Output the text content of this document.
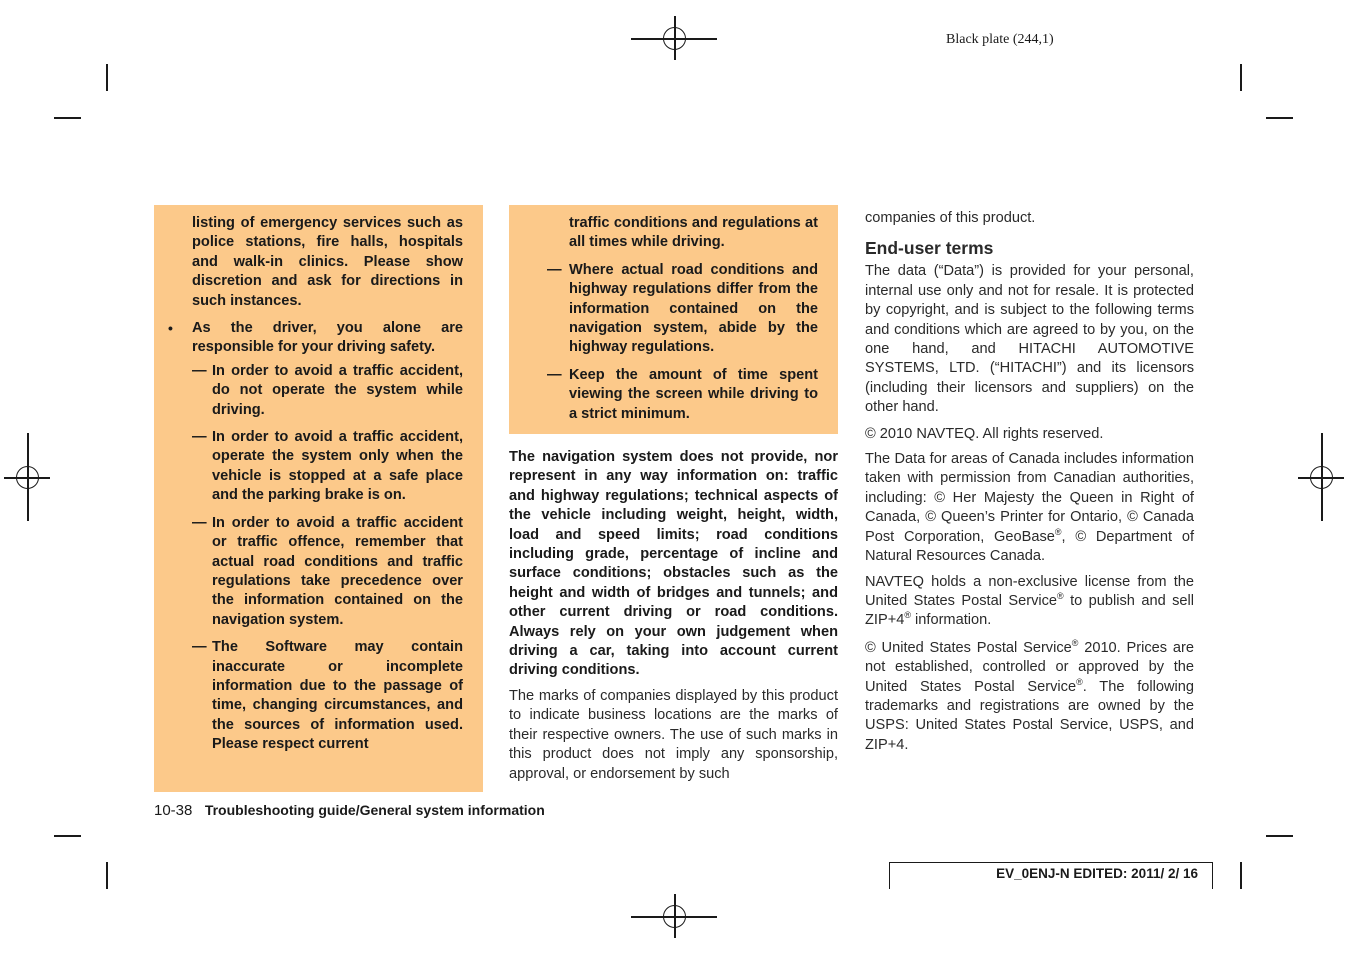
Black plate (244,1)

listing of emergency services such as police stations, fire halls, hospitals and walk-in clinics. Please show discretion and ask for directions in such instances.

• As the driver, you alone are responsible for your driving safety.

— In order to avoid a traffic accident, do not operate the system while driving.

— In order to avoid a traffic accident, operate the system only when the vehicle is stopped at a safe place and the parking brake is on.

— In order to avoid a traffic accident or traffic offence, remember that actual road conditions and traffic regulations take precedence over the information contained on the navigation system.

— The Software may contain inaccurate or incomplete information due to the passage of time, changing circumstances, and the sources of information used. Please respect current

traffic conditions and regulations at all times while driving.

— Where actual road conditions and highway regulations differ from the information contained on the navigation system, abide by the highway regulations.

— Keep the amount of time spent viewing the screen while driving to a strict minimum.

The navigation system does not provide, nor represent in any way information on: traffic and highway regulations; technical aspects of the vehicle including weight, height, width, load and speed limits; road conditions including grade, percentage of incline and surface conditions; obstacles such as the height and width of bridges and tunnels; and other current driving or road conditions. Always rely on your own judgement when driving a car, taking into account current driving conditions.

The marks of companies displayed by this product to indicate business locations are the marks of their respective owners. The use of such marks in this product does not imply any sponsorship, approval, or endorsement by such

companies of this product.

End-user terms

The data (“Data”) is provided for your personal, internal use only and not for resale. It is protected by copyright, and is subject to the following terms and conditions which are agreed to by you, on the one hand, and HITACHI AUTOMOTIVE SYSTEMS, LTD. (“HITACHI”) and its licensors (including their licensors and suppliers) on the other hand.

© 2010 NAVTEQ. All rights reserved.

The Data for areas of Canada includes information taken with permission from Canadian authorities, including: © Her Majesty the Queen in Right of Canada, © Queen’s Printer for Ontario, © Canada Post Corporation, GeoBase®, © Department of Natural Resources Canada.

NAVTEQ holds a non-exclusive license from the United States Postal Service® to publish and sell ZIP+4® information.

© United States Postal Service® 2010. Prices are not established, controlled or approved by the United States Postal Service®. The following trademarks and registrations are owned by the USPS: United States Postal Service, USPS, and ZIP+4.

10-38 Troubleshooting guide/General system information
EV_0ENJ-N EDITED: 2011/ 2/ 16
